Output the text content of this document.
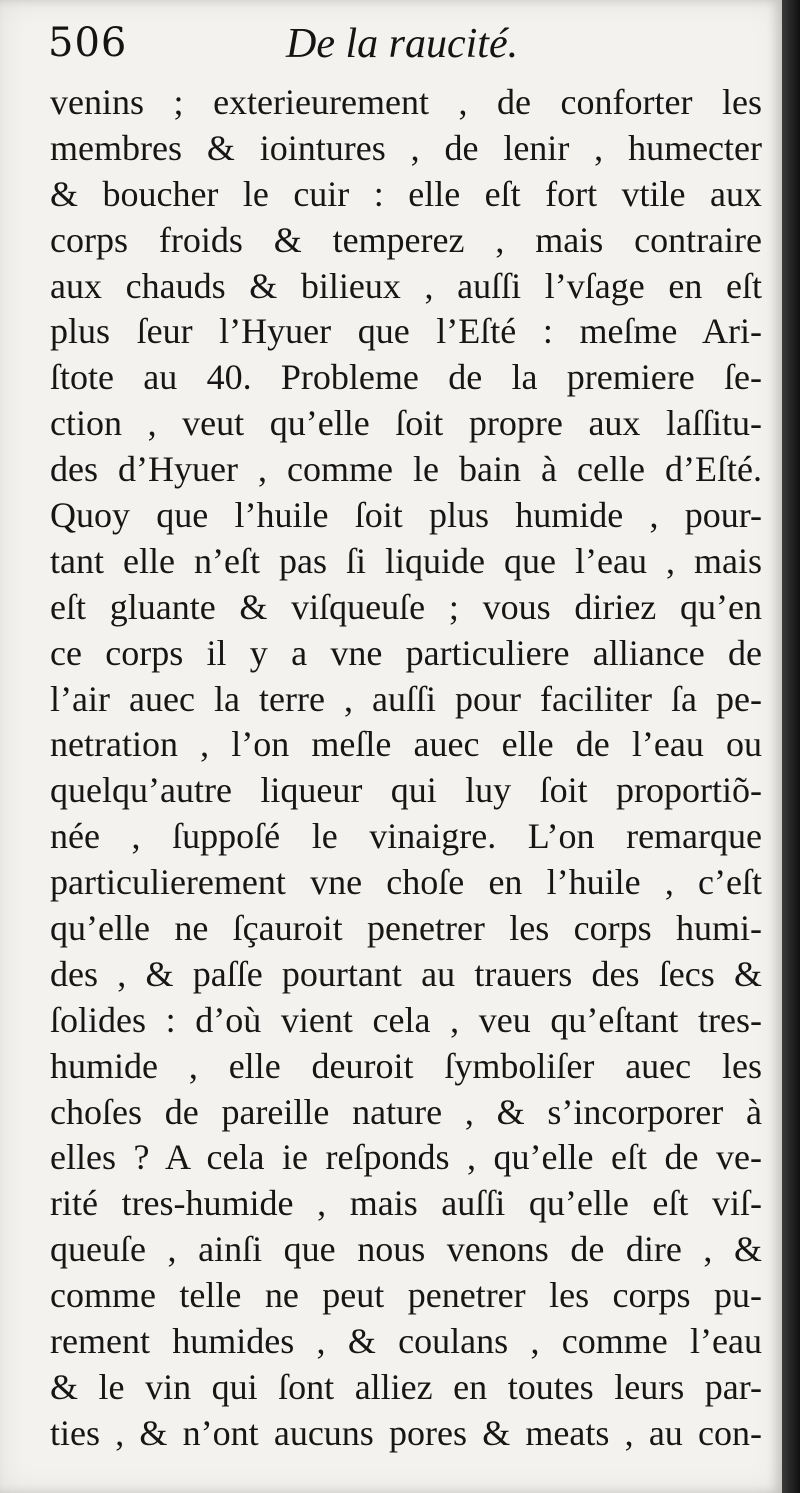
506	De la raucité.
venins ; exterieurement , de conforter les
membres & iointures , de lenir , humecter
& boucher le cuir : elle eſt fort vtile aux
corps froids & temperez , mais contraire
aux chauds & bilieux , auſſi l’vſage en eſt
plus ſeur l’Hyuer que l’Eſté : meſme Ari-
ſtote au 40. Probleme de la premiere ſe-
ction , veut qu’elle ſoit propre aux laſſitu-
des d’Hyuer , comme le bain à celle d’Eſté.
Quoy que l’huile ſoit plus humide , pour-
tant elle n’eſt pas ſi liquide que l’eau , mais
eſt gluante & viſqueuſe ; vous diriez qu’en
ce corps il y a vne particuliere alliance de
l’air auec la terre , auſſi pour faciliter ſa pe-
netration , l’on meſle auec elle de l’eau ou
quelqu’autre liqueur qui luy ſoit proportiõ-
née , ſuppoſé le vinaigre. L’on remarque
particulierement vne choſe en l’huile , c’eſt
qu’elle ne ſçauroit penetrer les corps humi-
des , & paſſe pourtant au trauers des ſecs &
ſolides : d’où vient cela , veu qu’eſtant tres-
humide , elle deuroit ſymboliſer auec les
choſes de pareille nature , & s’incorporer à
elles ? A cela ie reſponds , qu’elle eſt de ve-
rité tres-humide , mais auſſi qu’elle eſt viſ-
queuſe , ainſi que nous venons de dire , &
comme telle ne peut penetrer les corps pu-
rement humides , & coulans , comme l’eau
& le vin qui ſont alliez en toutes leurs par-
ties , & n’ont aucuns pores & meats , au con-
